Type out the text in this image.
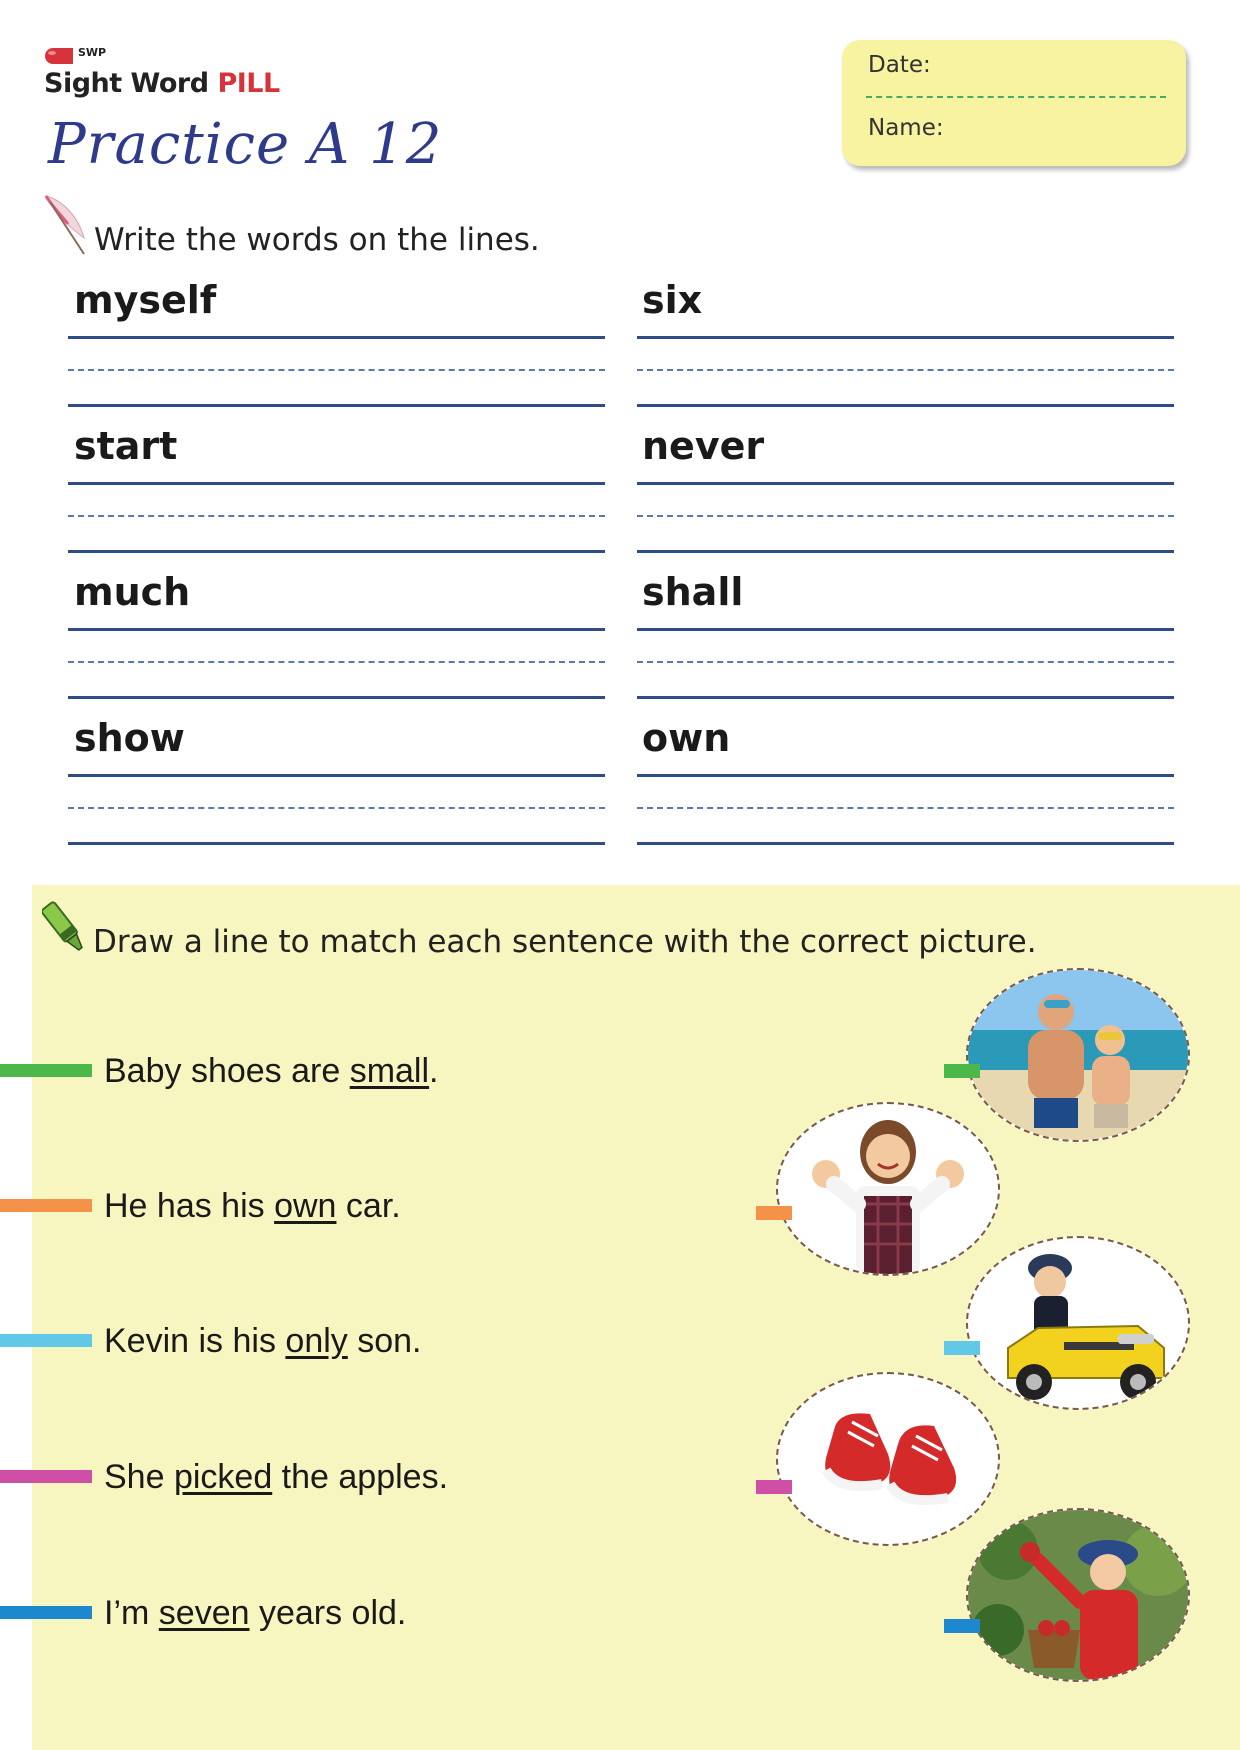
SWP
Sight Word PILL
Practice A 12
Date:
Name:
Write the words on the lines.
myself
start
much
show
six
never
shall
own
Draw a line to match each sentence with the correct picture.
Baby shoes are small.
He has his own car.
Kevin is his only son.
She picked the apples.
I’m seven years old.
